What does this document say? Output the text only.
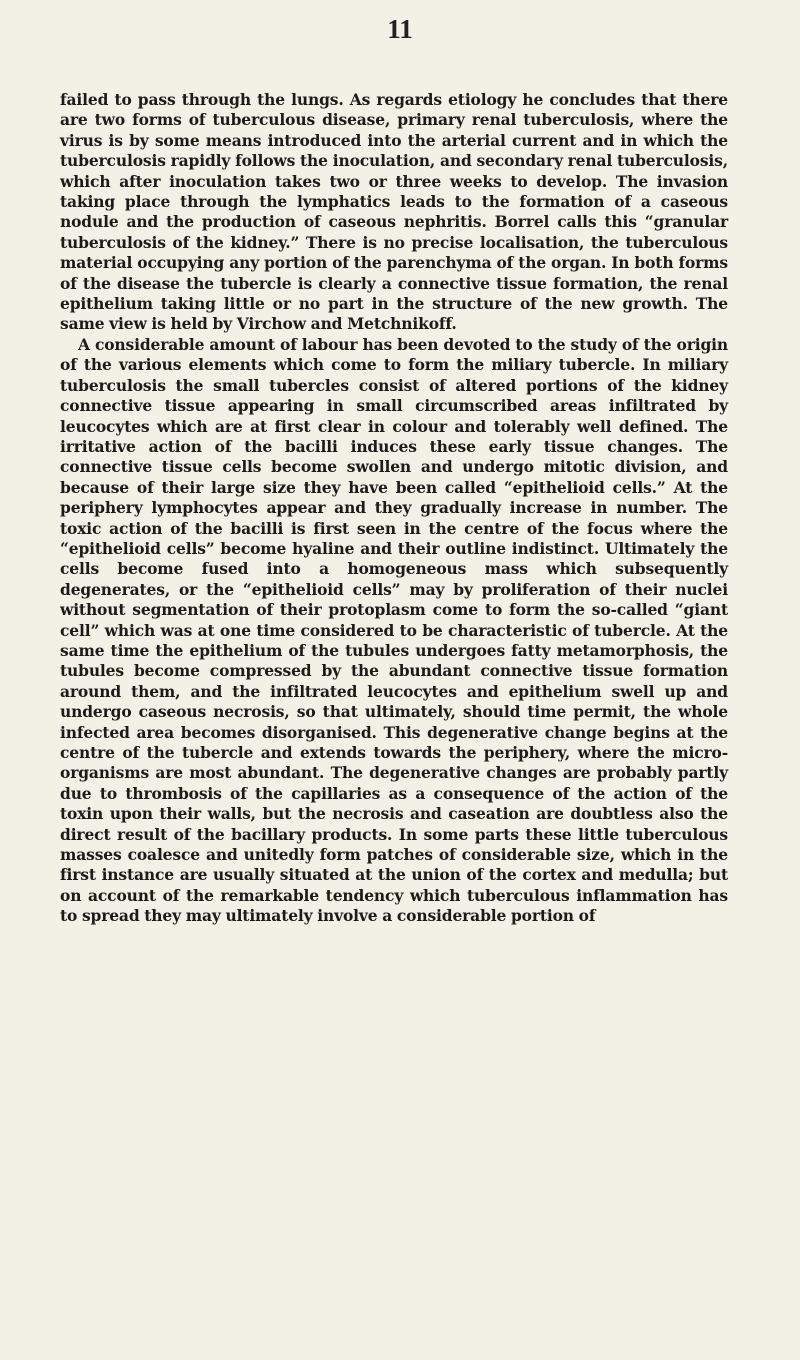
11

failed to pass through the lungs. As regards etiology he concludes that there are two forms of tuberculous disease, primary renal tuberculosis, where the virus is by some means introduced into the arterial current and in which the tuberculosis rapidly follows the inoculation, and secondary renal tuberculosis, which after inoculation takes two or three weeks to develop. The invasion taking place through the lymphatics leads to the formation of a caseous nodule and the production of caseous nephritis. Borrel calls this “granular tuberculosis of the kidney.” There is no precise localisation, the tuberculous material occupying any portion of the parenchyma of the organ. In both forms of the disease the tubercle is clearly a connective tissue formation, the renal epithelium taking little or no part in the structure of the new growth. The same view is held by Virchow and Metchnikoff.

A considerable amount of labour has been devoted to the study of the origin of the various elements which come to form the miliary tubercle. In miliary tuberculosis the small tubercles consist of altered portions of the kidney connective tissue appearing in small circumscribed areas infiltrated by leucocytes which are at first clear in colour and tolerably well defined. The irritative action of the bacilli induces these early tissue changes. The connective tissue cells become swollen and undergo mitotic division, and because of their large size they have been called “epithelioid cells.” At the periphery lymphocytes appear and they gradually increase in number. The toxic action of the bacilli is first seen in the centre of the focus where the “epithelioid cells” become hyaline and their outline indistinct. Ultimately the cells become fused into a homogeneous mass which subsequently degenerates, or the “epithelioid cells” may by proliferation of their nuclei without segmentation of their protoplasm come to form the so-called “giant cell” which was at one time considered to be characteristic of tubercle. At the same time the epithelium of the tubules undergoes fatty metamorphosis, the tubules become compressed by the abundant connective tissue formation around them, and the infiltrated leucocytes and epithelium swell up and undergo caseous necrosis, so that ultimately, should time permit, the whole infected area becomes disorganised. This degenerative change begins at the centre of the tubercle and extends towards the periphery, where the micro-organisms are most abundant. The degenerative changes are probably partly due to thrombosis of the capillaries as a consequence of the action of the toxin upon their walls, but the necrosis and caseation are doubtless also the direct result of the bacillary products. In some parts these little tuberculous masses coalesce and unitedly form patches of considerable size, which in the first instance are usually situated at the union of the cortex and medulla; but on account of the remarkable tendency which tuberculous inflammation has to spread they may ultimately involve a considerable portion of
